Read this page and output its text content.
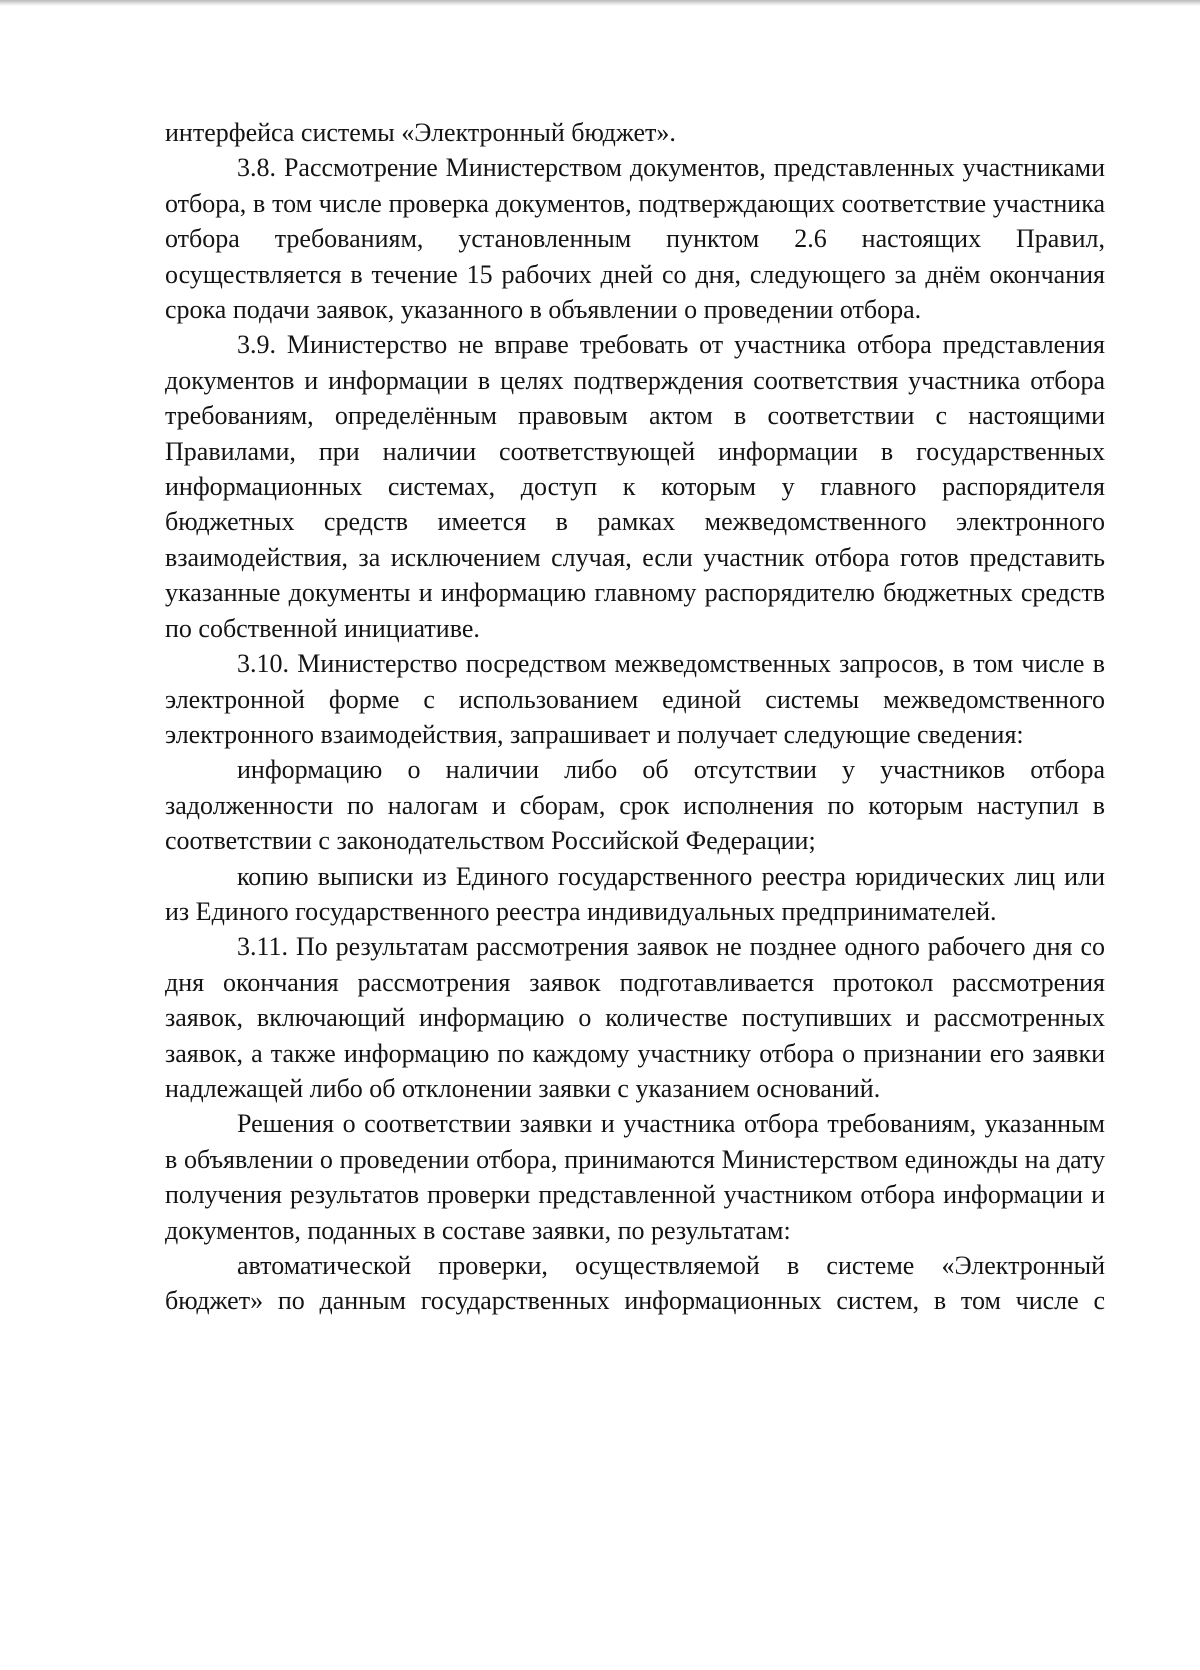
интерфейса системы «Электронный бюджет».

3.8. Рассмотрение Министерством документов, представленных участниками отбора, в том числе проверка документов, подтверждающих соответствие участника отбора требованиям, установленным пунктом 2.6 настоящих Правил, осуществляется в течение 15 рабочих дней со дня, следующего за днём окончания срока подачи заявок, указанного в объявлении о проведении отбора.

3.9. Министерство не вправе требовать от участника отбора представления документов и информации в целях подтверждения соответствия участника отбора требованиям, определённым правовым актом в соответствии с настоящими Правилами, при наличии соответствующей информации в государственных информационных системах, доступ к которым у главного распорядителя бюджетных средств имеется в рамках межведомственного электронного взаимодействия, за исключением случая, если участник отбора готов представить указанные документы и информацию главному распорядителю бюджетных средств по собственной инициативе.

3.10. Министерство посредством межведомственных запросов, в том числе в электронной форме с использованием единой системы межведомственного электронного взаимодействия, запрашивает и получает следующие сведения:

информацию о наличии либо об отсутствии у участников отбора задолженности по налогам и сборам, срок исполнения по которым наступил в соответствии с законодательством Российской Федерации;

копию выписки из Единого государственного реестра юридических лиц или из Единого государственного реестра индивидуальных предпринимателей.

3.11. По результатам рассмотрения заявок не позднее одного рабочего дня со дня окончания рассмотрения заявок подготавливается протокол рассмотрения заявок, включающий информацию о количестве поступивших и рассмотренных заявок, а также информацию по каждому участнику отбора о признании его заявки надлежащей либо об отклонении заявки с указанием оснований.

Решения о соответствии заявки и участника отбора требованиям, указанным в объявлении о проведении отбора, принимаются Министерством единожды на дату получения результатов проверки представленной участником отбора информации и документов, поданных в составе заявки, по результатам:

автоматической проверки, осуществляемой в системе «Электронный бюджет» по данным государственных информационных систем, в том числе с
